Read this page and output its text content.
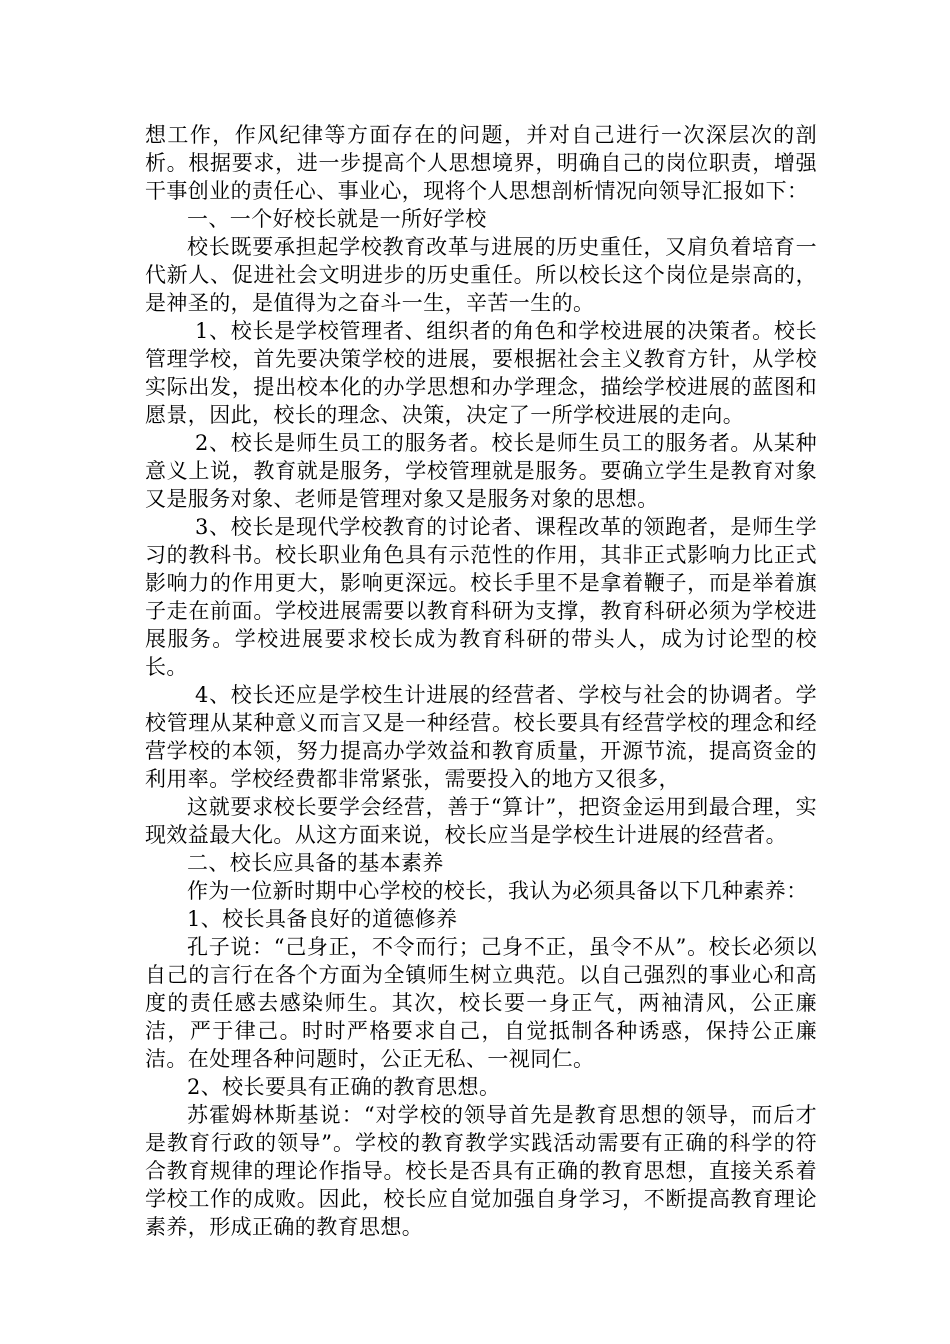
想工作，作风纪律等方面存在的问题，并对自己进行一次深层次的剖析。根据要求，进一步提高个人思想境界，明确自己的岗位职责，增强干事创业的责任心、事业心，现将个人思想剖析情况向领导汇报如下：

一、一个好校长就是一所好学校

校长既要承担起学校教育改革与进展的历史重任，又肩负着培育一代新人、促进社会文明进步的历史重任。所以校长这个岗位是崇高的，是神圣的，是值得为之奋斗一生，辛苦一生的。

1、校长是学校管理者、组织者的角色和学校进展的决策者。校长管理学校，首先要决策学校的进展，要根据社会主义教育方针，从学校实际出发，提出校本化的办学思想和办学理念，描绘学校进展的蓝图和愿景，因此，校长的理念、决策，决定了一所学校进展的走向。

2、校长是师生员工的服务者。校长是师生员工的服务者。从某种意义上说，教育就是服务，学校管理就是服务。要确立学生是教育对象又是服务对象、老师是管理对象又是服务对象的思想。

3、校长是现代学校教育的讨论者、课程改革的领跑者，是师生学习的教科书。校长职业角色具有示范性的作用，其非正式影响力比正式影响力的作用更大，影响更深远。校长手里不是拿着鞭子，而是举着旗子走在前面。学校进展需要以教育科研为支撑，教育科研必须为学校进展服务。学校进展要求校长成为教育科研的带头人，成为讨论型的校长。

4、校长还应是学校生计进展的经营者、学校与社会的协调者。学校管理从某种意义而言又是一种经营。校长要具有经营学校的理念和经营学校的本领，努力提高办学效益和教育质量，开源节流，提高资金的利用率。学校经费都非常紧张，需要投入的地方又很多，

这就要求校长要学会经营，善于“算计”，把资金运用到最合理，实现效益最大化。从这方面来说，校长应当是学校生计进展的经营者。

二、校长应具备的基本素养

作为一位新时期中心学校的校长，我认为必须具备以下几种素养：

1、校长具备良好的道德修养

孔子说：“己身正，不令而行；己身不正，虽令不从”。校长必须以自己的言行在各个方面为全镇师生树立典范。以自己强烈的事业心和高度的责任感去感染师生。其次，校长要一身正气，两袖清风，公正廉洁，严于律己。时时严格要求自己，自觉抵制各种诱惑，保持公正廉洁。在处理各种问题时，公正无私、一视同仁。

2、校长要具有正确的教育思想。

苏霍姆林斯基说：“对学校的领导首先是教育思想的领导，而后才是教育行政的领导”。学校的教育教学实践活动需要有正确的科学的符合教育规律的理论作指导。校长是否具有正确的教育思想，直接关系着学校工作的成败。因此，校长应自觉加强自身学习，不断提高教育理论素养，形成正确的教育思想。
